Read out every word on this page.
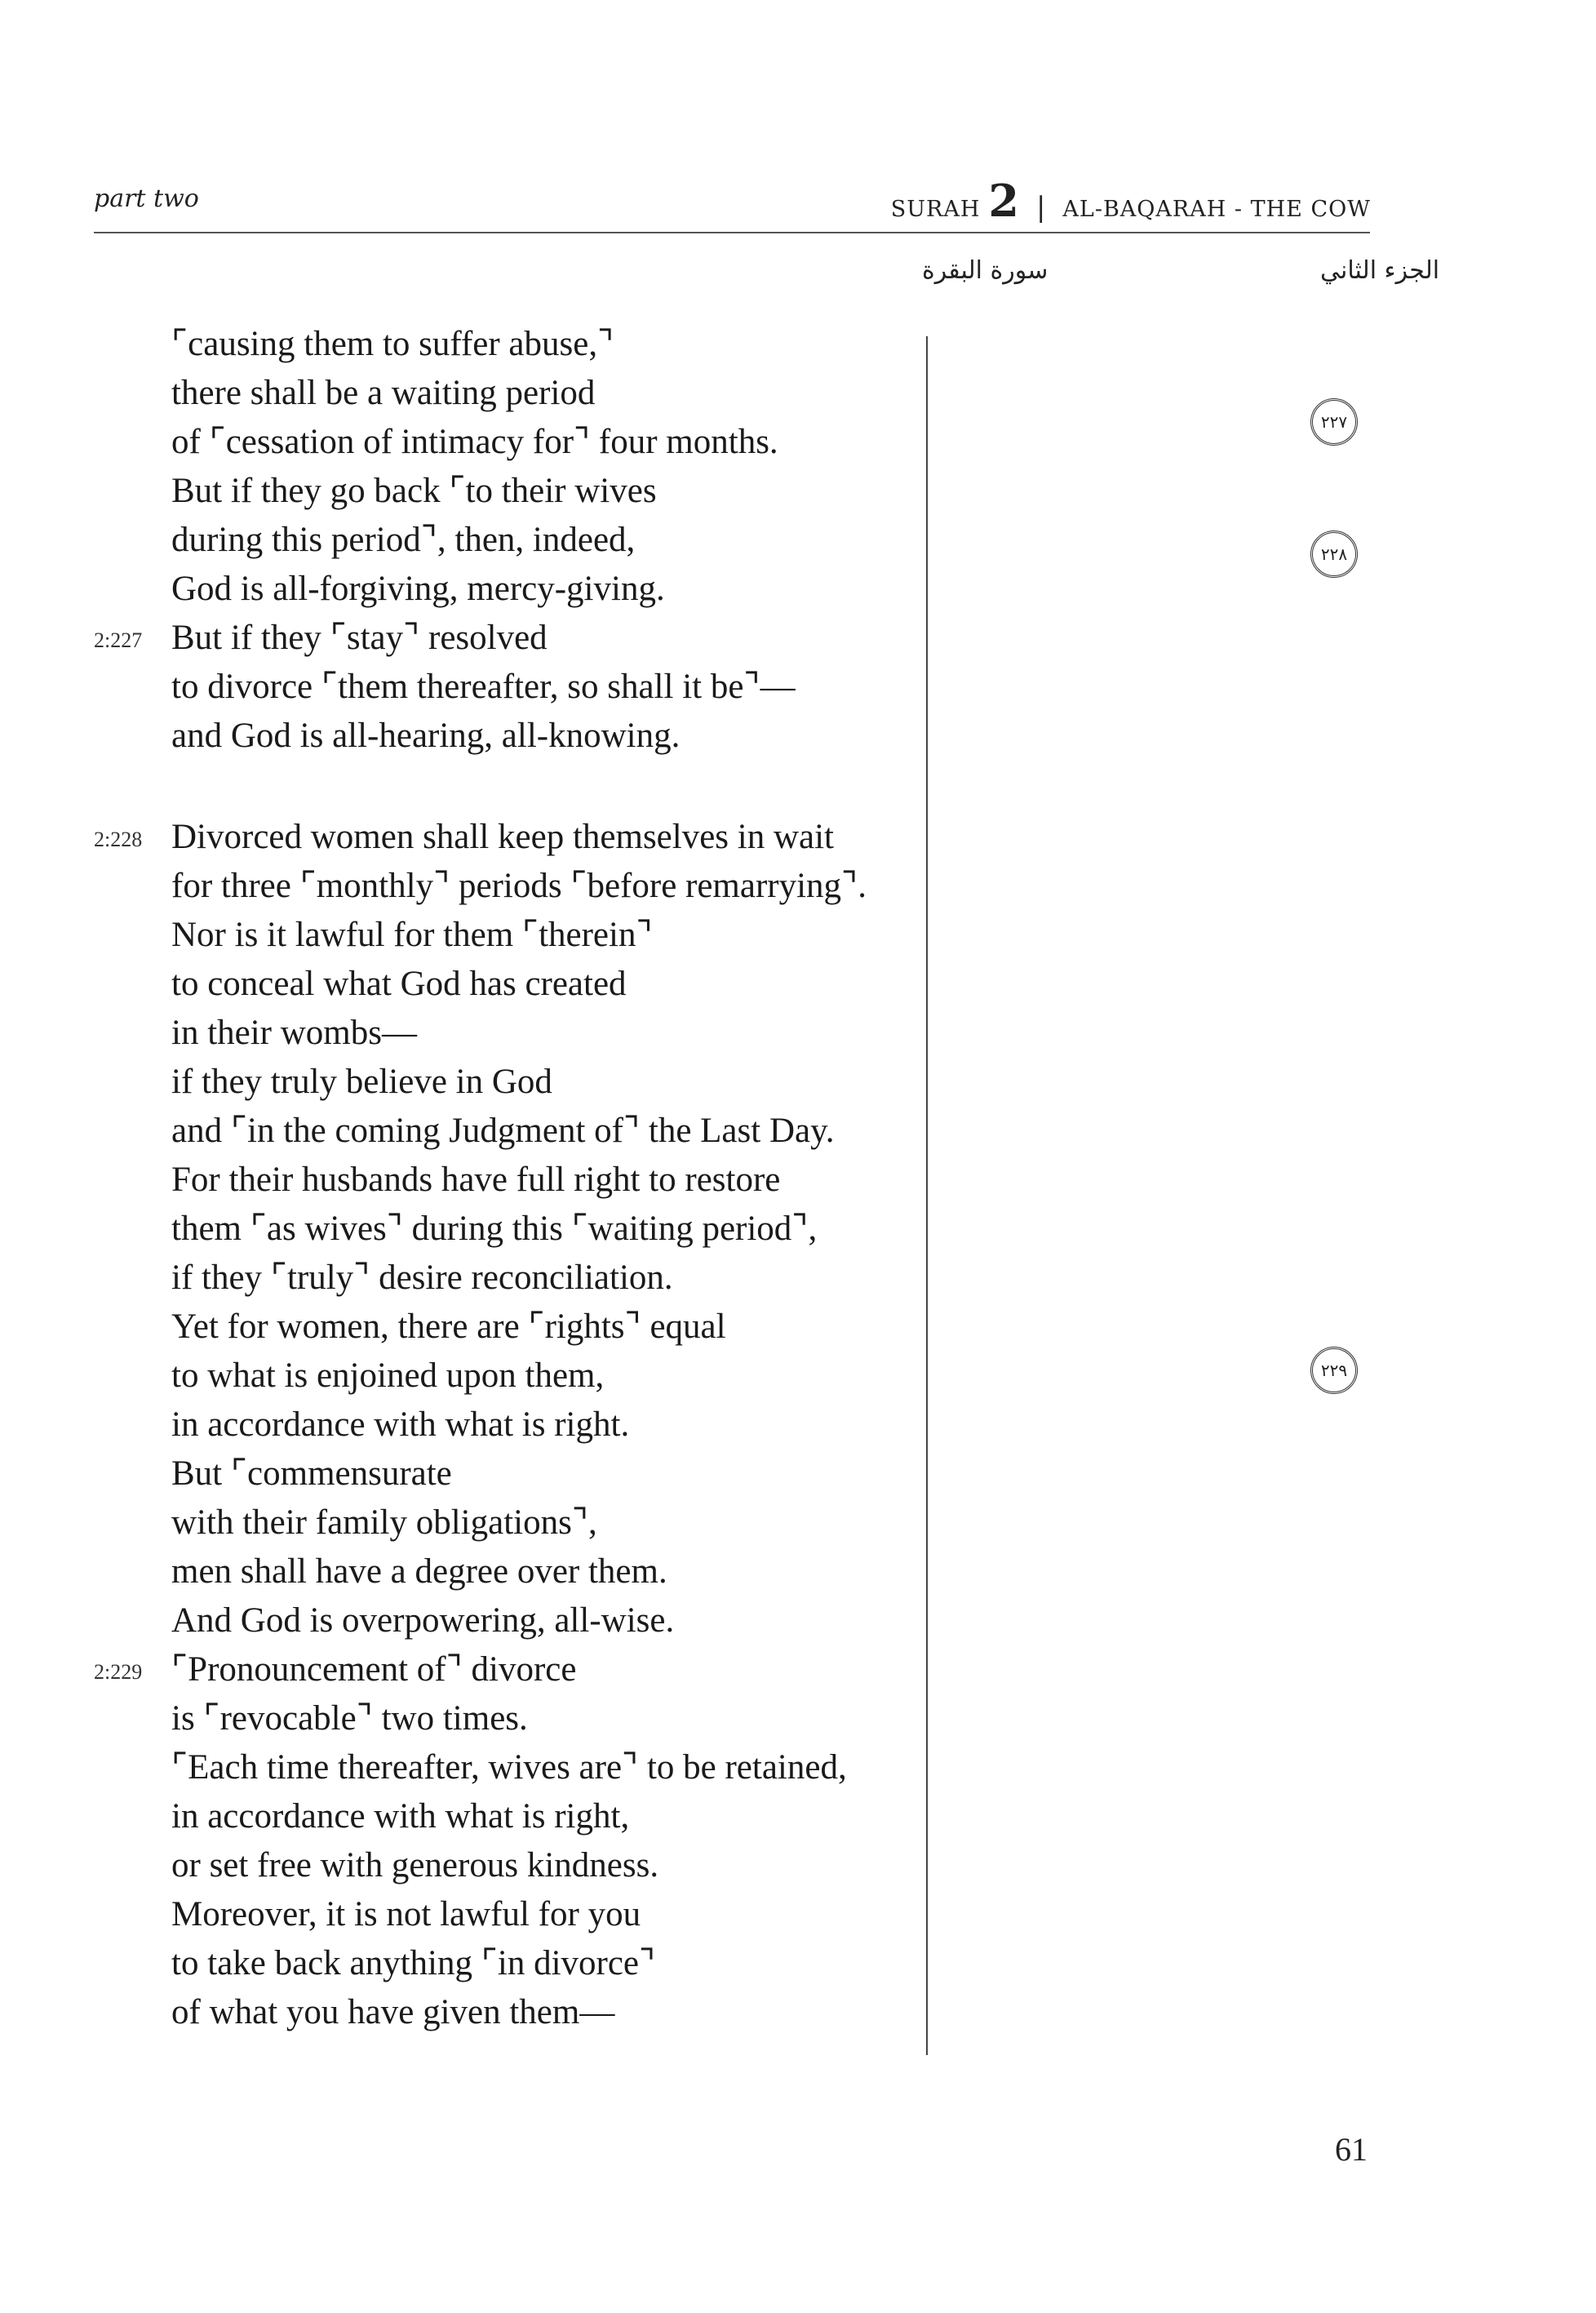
part two	SURAH 2 | AL-BAQARAH - THE COW
الجزء الثاني
سورة البقرة
⌜causing them to suffer abuse,⌝
there shall be a waiting period
of ⌜cessation of intimacy for⌝ four months.
But if they go back ⌜to their wives
during this period⌝, then, indeed,
God is all-forgiving, mercy-giving.
2:227 But if they ⌜stay⌝ resolved
to divorce ⌜them thereafter, so shall it be⌝—
and God is all-hearing, all-knowing.
2:228 Divorced women shall keep themselves in wait
for three ⌜monthly⌝ periods ⌜before remarrying⌝.
Nor is it lawful for them ⌜therein⌝
to conceal what God has created
in their wombs—
if they truly believe in God
and ⌜in the coming Judgment of⌝ the Last Day.
For their husbands have full right to restore
them ⌜as wives⌝ during this ⌜waiting period⌝,
if they ⌜truly⌝ desire reconciliation.
Yet for women, there are ⌜rights⌝ equal
to what is enjoined upon them,
in accordance with what is right.
But ⌜commensurate
with their family obligations⌝,
men shall have a degree over them.
And God is overpowering, all-wise.
2:229 ⌜Pronouncement of⌝ divorce
is ⌜revocable⌝ two times.
⌜Each time thereafter, wives are⌝ to be retained,
in accordance with what is right,
or set free with generous kindness.
Moreover, it is not lawful for you
to take back anything ⌜in divorce⌝
of what you have given them—
٢٢٧
٢٢٨
٢٢٩
61
